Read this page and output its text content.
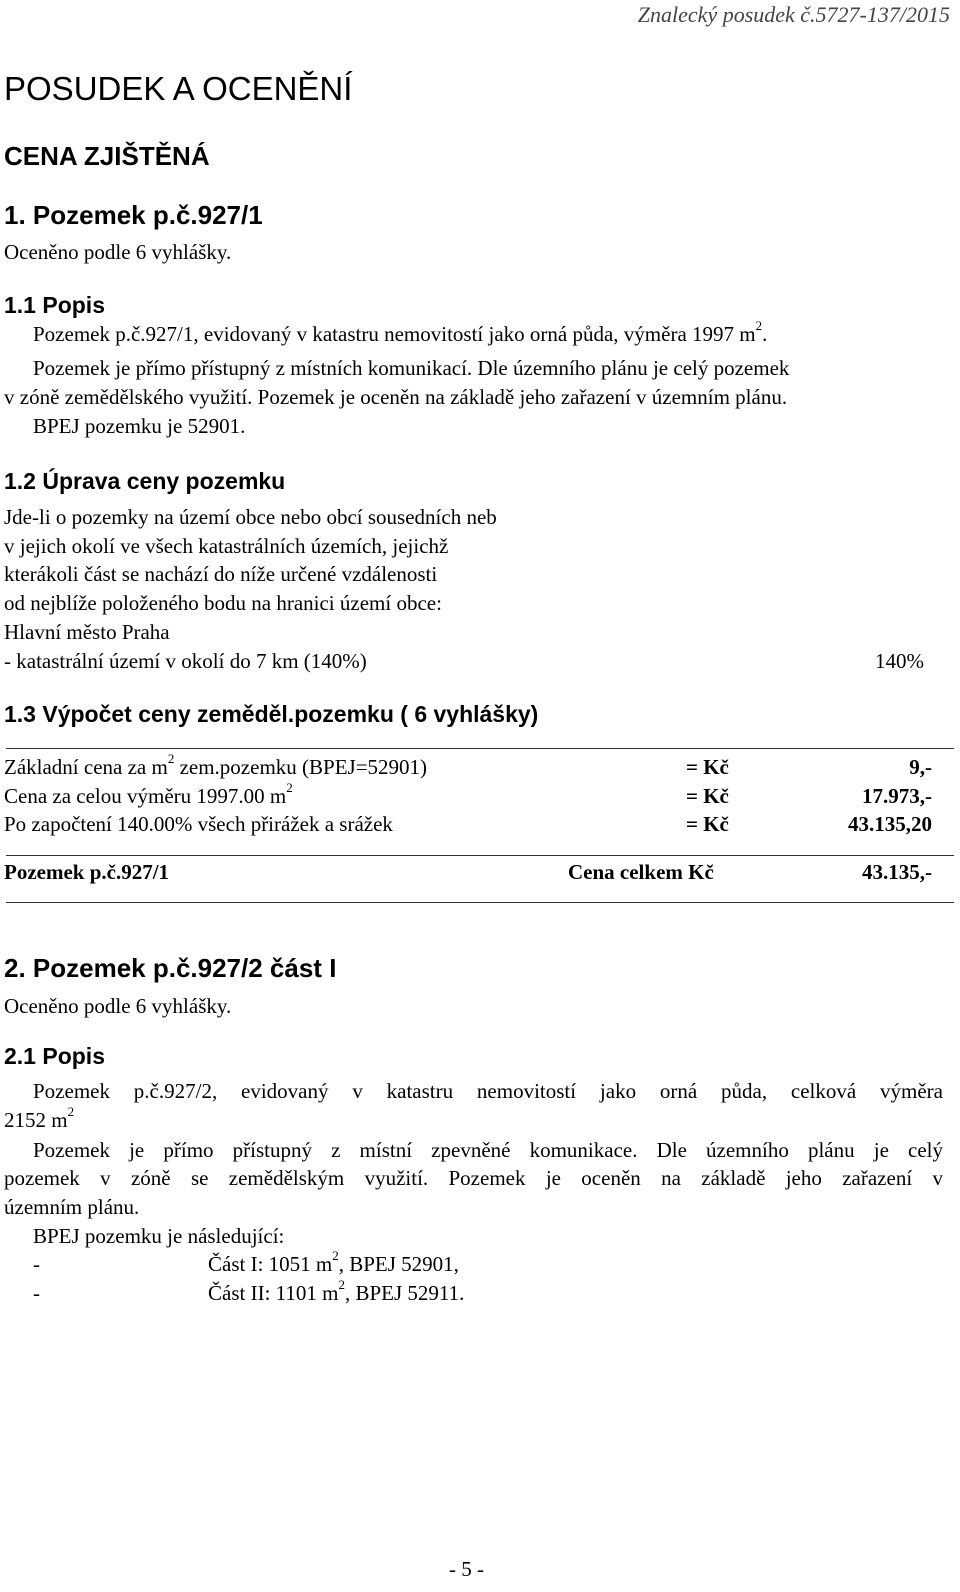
Znalecký posudek č.5727-137/2015
POSUDEK A OCENĚNÍ
CENA ZJIŠTĚNÁ
1. Pozemek p.č.927/1
Oceněno podle 6 vyhlášky.
1.1 Popis
Pozemek p.č.927/1, evidovaný v katastru nemovitostí jako orná půda, výměra 1997 $m^2$.
Pozemek je přímo přístupný z místních komunikací. Dle územního plánu je celý pozemek
v zóně zemědělského využití. Pozemek je oceněn na základě jeho zařazení v územním plánu.
BPEJ pozemku je 52901.
1.2 Úprava ceny pozemku
Jde-li o pozemky na území obce nebo obcí sousedních neb
v jejich okolí ve všech katastrálních územích, jejichž
kterákoli část se nachází do níže určené vzdálenosti
od nejblíže položeného bodu na hranici území obce:
Hlavní město Praha
- katastrální území v okolí do 7 km (140%)	140%
1.3 Výpočet ceny zeměděl.pozemku ( 6 vyhlášky)
Základní cena za $m^2$ zem.pozemku (BPEJ=52901)	= Kč	9,-
Cena za celou výměru 1997.00 $m^2$	= Kč	17.973,-
Po započtení 140.00% všech přirážek a srážek	= Kč	43.135,20
Pozemek p.č.927/1	Cena celkem Kč	43.135,-
2. Pozemek p.č.927/2 část I
Oceněno podle 6 vyhlášky.
2.1 Popis
Pozemek p.č.927/2, evidovaný v katastru nemovitostí jako orná půda, celková výměra
2152 $m^2$
Pozemek je přímo přístupný z místní zpevněné komunikace. Dle územního plánu je celý
pozemek v zóně se zemědělským využití. Pozemek je oceněn na základě jeho zařazení v
územním plánu.
BPEJ pozemku je následující:
-	Část I: 1051 $m^2$, BPEJ 52901,
-	Část II: 1101 $m^2$, BPEJ 52911.
- 5 -
